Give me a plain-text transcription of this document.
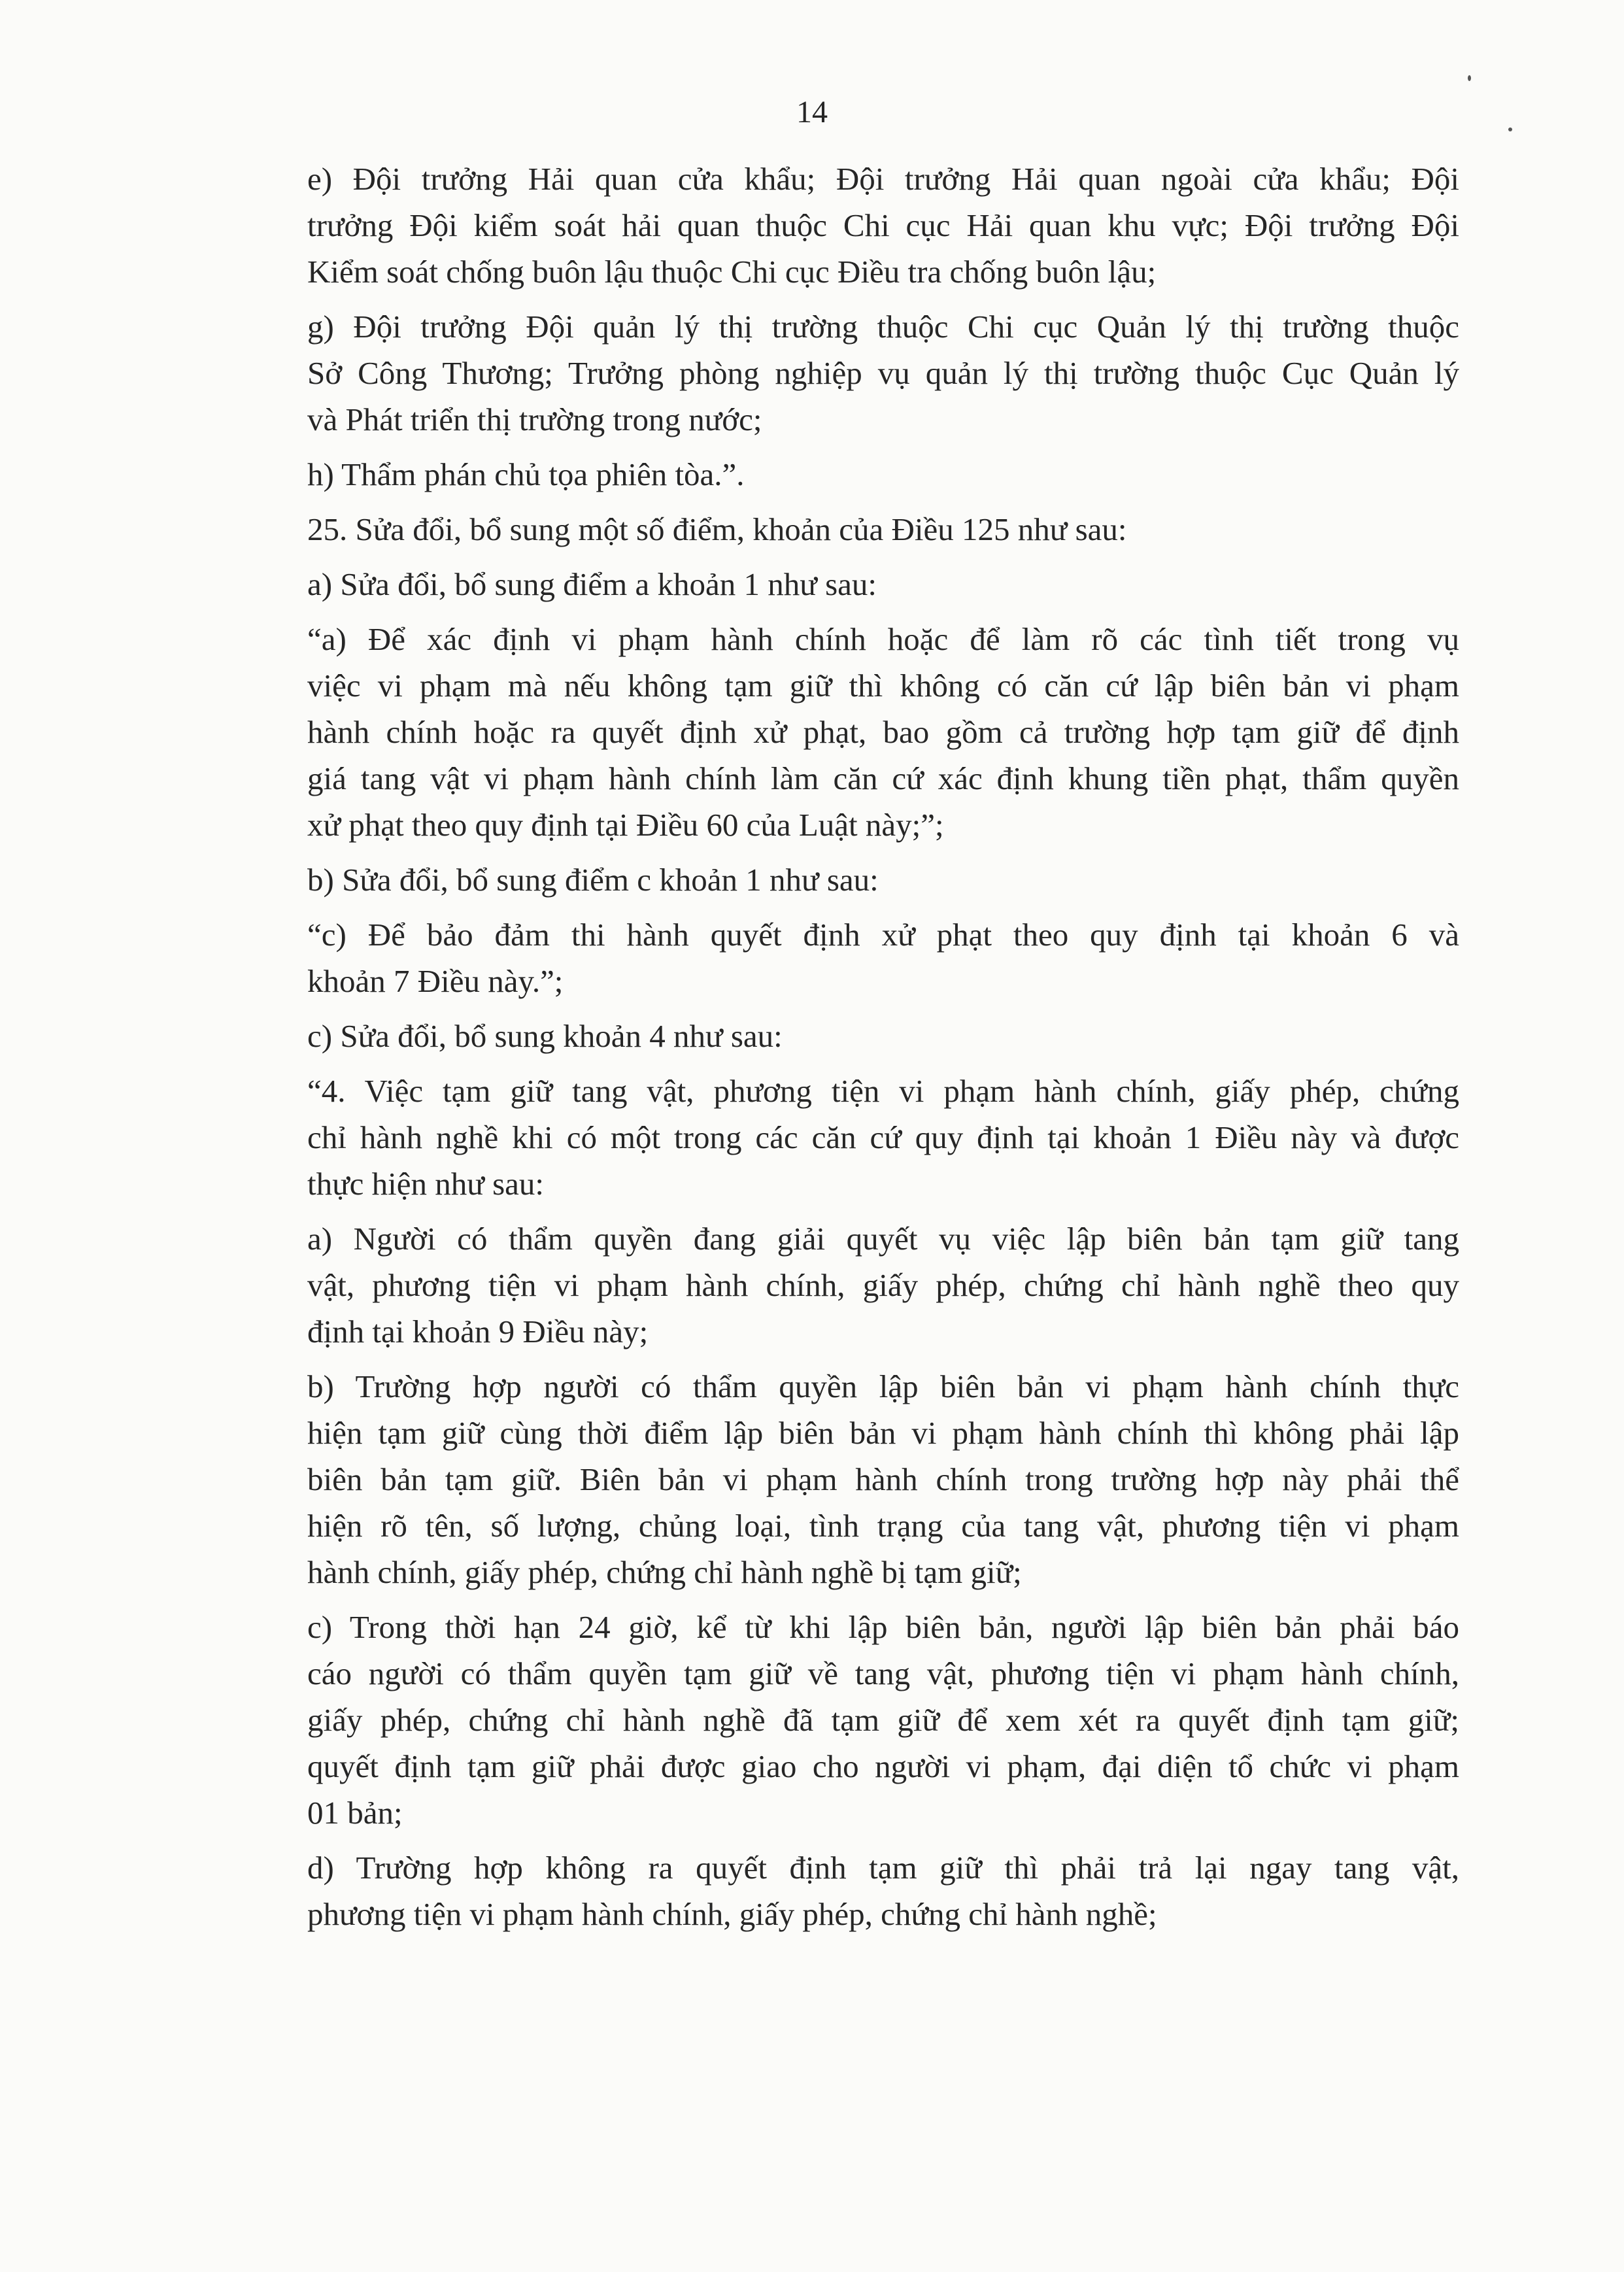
14
e) Đội trưởng Hải quan cửa khẩu; Đội trưởng Hải quan ngoài cửa khẩu; Đội
trưởng Đội kiểm soát hải quan thuộc Chi cục Hải quan khu vực; Đội trưởng Đội
Kiểm soát chống buôn lậu thuộc Chi cục Điều tra chống buôn lậu;
g) Đội trưởng Đội quản lý thị trường thuộc Chi cục Quản lý thị trường thuộc
Sở Công Thương; Trưởng phòng nghiệp vụ quản lý thị trường thuộc Cục Quản lý
và Phát triển thị trường trong nước;
h) Thẩm phán chủ tọa phiên tòa.”.
25. Sửa đổi, bổ sung một số điểm, khoản của Điều 125 như sau:
a) Sửa đổi, bổ sung điểm a khoản 1 như sau:
“a) Để xác định vi phạm hành chính hoặc để làm rõ các tình tiết trong vụ
việc vi phạm mà nếu không tạm giữ thì không có căn cứ lập biên bản vi phạm
hành chính hoặc ra quyết định xử phạt, bao gồm cả trường hợp tạm giữ để định
giá tang vật vi phạm hành chính làm căn cứ xác định khung tiền phạt, thẩm quyền
xử phạt theo quy định tại Điều 60 của Luật này;”;
b) Sửa đổi, bổ sung điểm c khoản 1 như sau:
“c) Để bảo đảm thi hành quyết định xử phạt theo quy định tại khoản 6 và
khoản 7 Điều này.”;
c) Sửa đổi, bổ sung khoản 4 như sau:
“4. Việc tạm giữ tang vật, phương tiện vi phạm hành chính, giấy phép, chứng
chỉ hành nghề khi có một trong các căn cứ quy định tại khoản 1 Điều này và được
thực hiện như sau:
a) Người có thẩm quyền đang giải quyết vụ việc lập biên bản tạm giữ tang
vật, phương tiện vi phạm hành chính, giấy phép, chứng chỉ hành nghề theo quy
định tại khoản 9 Điều này;
b) Trường hợp người có thẩm quyền lập biên bản vi phạm hành chính thực
hiện tạm giữ cùng thời điểm lập biên bản vi phạm hành chính thì không phải lập
biên bản tạm giữ. Biên bản vi phạm hành chính trong trường hợp này phải thể
hiện rõ tên, số lượng, chủng loại, tình trạng của tang vật, phương tiện vi phạm
hành chính, giấy phép, chứng chỉ hành nghề bị tạm giữ;
c) Trong thời hạn 24 giờ, kể từ khi lập biên bản, người lập biên bản phải báo
cáo người có thẩm quyền tạm giữ về tang vật, phương tiện vi phạm hành chính,
giấy phép, chứng chỉ hành nghề đã tạm giữ để xem xét ra quyết định tạm giữ;
quyết định tạm giữ phải được giao cho người vi phạm, đại diện tổ chức vi phạm
01 bản;
d) Trường hợp không ra quyết định tạm giữ thì phải trả lại ngay tang vật,
phương tiện vi phạm hành chính, giấy phép, chứng chỉ hành nghề;
